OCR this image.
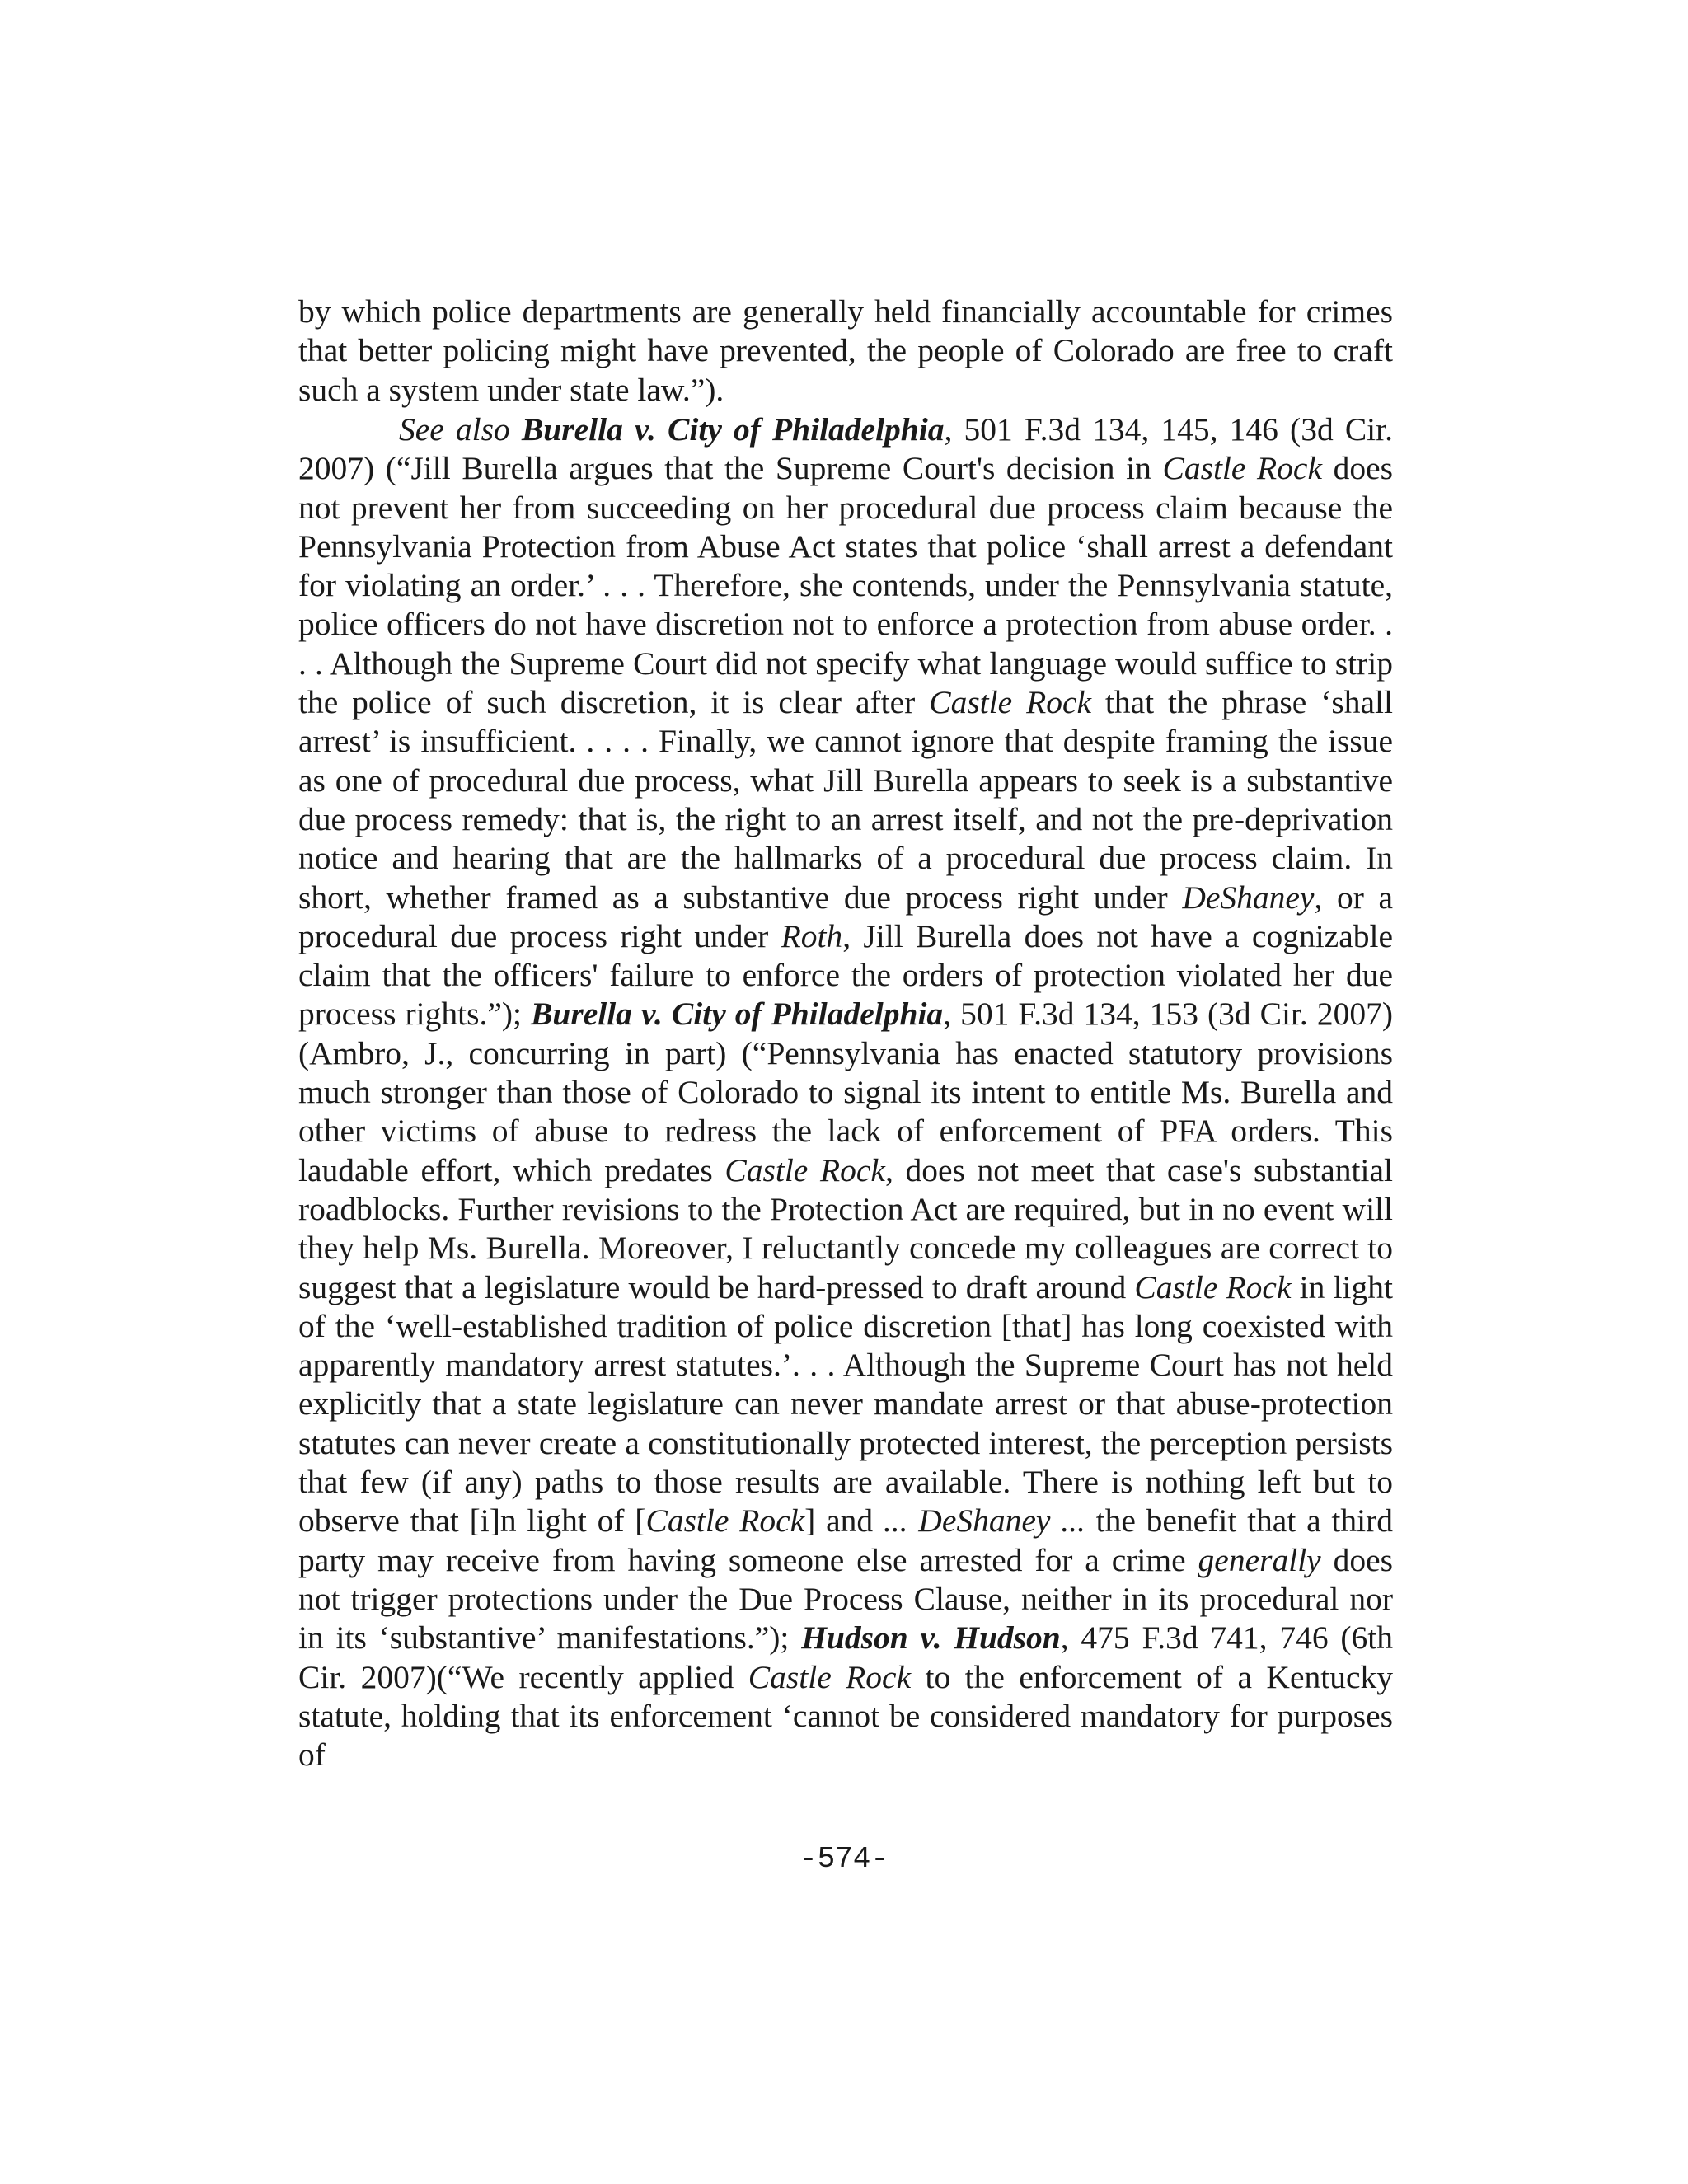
by which police departments are generally held financially accountable for crimes that better policing might have prevented, the people of Colorado are free to craft such a system under state law.”).
See also Burella v. City of Philadelphia, 501 F.3d 134, 145, 146 (3d Cir. 2007) (“Jill Burella argues that the Supreme Court's decision in Castle Rock does not prevent her from succeeding on her procedural due process claim because the Pennsylvania Protection from Abuse Act states that police ‘shall arrest a defendant for violating an order.’ . . . Therefore, she contends, under the Pennsylvania statute, police officers do not have discretion not to enforce a protection from abuse order. . . . Although the Supreme Court did not specify what language would suffice to strip the police of such discretion, it is clear after Castle Rock that the phrase ‘shall arrest’ is insufficient. . . . . Finally, we cannot ignore that despite framing the issue as one of procedural due process, what Jill Burella appears to seek is a substantive due process remedy: that is, the right to an arrest itself, and not the pre-deprivation notice and hearing that are the hallmarks of a procedural due process claim. In short, whether framed as a substantive due process right under DeShaney, or a procedural due process right under Roth, Jill Burella does not have a cognizable claim that the officers' failure to enforce the orders of protection violated her due process rights.”); Burella v. City of Philadelphia, 501 F.3d 134, 153 (3d Cir. 2007) (Ambro, J., concurring in part) (“Pennsylvania has enacted statutory provisions much stronger than those of Colorado to signal its intent to entitle Ms. Burella and other victims of abuse to redress the lack of enforcement of PFA orders. This laudable effort, which predates Castle Rock, does not meet that case's substantial roadblocks. Further revisions to the Protection Act are required, but in no event will they help Ms. Burella. Moreover, I reluctantly concede my colleagues are correct to suggest that a legislature would be hard-pressed to draft around Castle Rock in light of the ‘well-established tradition of police discretion [that] has long coexisted with apparently mandatory arrest statutes.’. . . Although the Supreme Court has not held explicitly that a state legislature can never mandate arrest or that abuse-protection statutes can never create a constitutionally protected interest, the perception persists that few (if any) paths to those results are available. There is nothing left but to observe that [i]n light of [Castle Rock] and ... DeShaney ... the benefit that a third party may receive from having someone else arrested for a crime generally does not trigger protections under the Due Process Clause, neither in its procedural nor in its ‘substantive’ manifestations.”); Hudson v. Hudson, 475 F.3d 741, 746 (6th Cir. 2007)(“We recently applied Castle Rock to the enforcement of a Kentucky statute, holding that its enforcement ‘cannot be considered mandatory for purposes of
-574-
